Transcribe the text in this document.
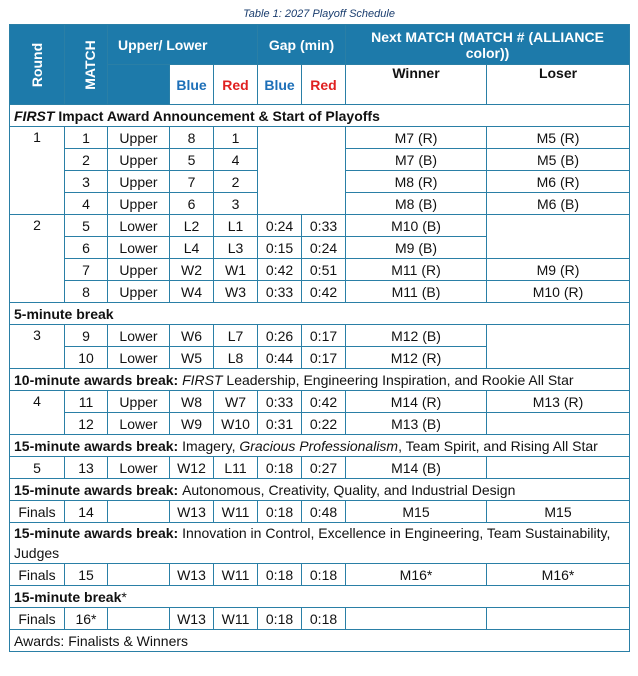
Table 1: 2027 Playoff Schedule
Round	MATCH	Upper/ Lower			Gap (min)		Next MATCH (MATCH # (ALLIANCE color))	
			Blue	Red	Blue	Red	Winner	Loser
FIRST Impact Award Announcement & Start of Playoffs								
1	1	Upper	8	1			M7 (R)	M5 (R)
	2	Upper	5	4			M7 (B)	M5 (B)
	3	Upper	7	2			M8 (R)	M6 (R)
	4	Upper	6	3			M8 (B)	M6 (B)
2	5	Lower	L2	L1	0:24	0:33	M10 (B)	
	6	Lower	L4	L3	0:15	0:24	M9 (B)	
	7	Upper	W2	W1	0:42	0:51	M11 (R)	M9 (R)
	8	Upper	W4	W3	0:33	0:42	M11 (B)	M10 (R)
5-minute break								
3	9	Lower	W6	L7	0:26	0:17	M12 (B)	
	10	Lower	W5	L8	0:44	0:17	M12 (R)	
10-minute awards break: FIRST Leadership, Engineering Inspiration, and Rookie All Star								
4	11	Upper	W8	W7	0:33	0:42	M14 (R)	M13 (R)
	12	Lower	W9	W10	0:31	0:22	M13 (B)	
15-minute awards break: Imagery, Gracious Professionalism, Team Spirit, and Rising All Star								
5	13	Lower	W12	L11	0:18	0:27	M14 (B)	
15-minute awards break: Autonomous, Creativity, Quality, and Industrial Design								
Finals	14		W13	W11	0:18	0:48	M15	M15
15-minute awards break: Innovation in Control, Excellence in Engineering, Team Sustainability, Judges								
Finals	15		W13	W11	0:18	0:18	M16*	M16*
15-minute break*								
Finals	16*		W13	W11	0:18	0:18		
Awards: Finalists & Winners								
